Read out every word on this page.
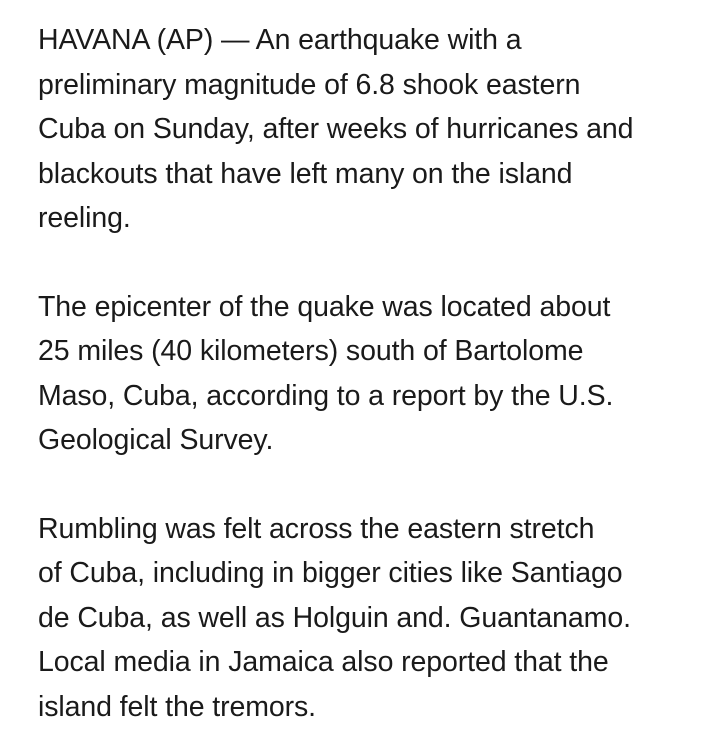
HAVANA (AP) — An earthquake with a
preliminary magnitude of 6.8 shook eastern
Cuba on Sunday, after weeks of hurricanes and
blackouts that have left many on the island
reeling.

The epicenter of the quake was located about
25 miles (40 kilometers) south of Bartolome
Maso, Cuba, according to a report by the U.S.
Geological Survey.

Rumbling was felt across the eastern stretch
of Cuba, including in bigger cities like Santiago
de Cuba, as well as Holguin and. Guantanamo.
Local media in Jamaica also reported that the
island felt the tremors.
